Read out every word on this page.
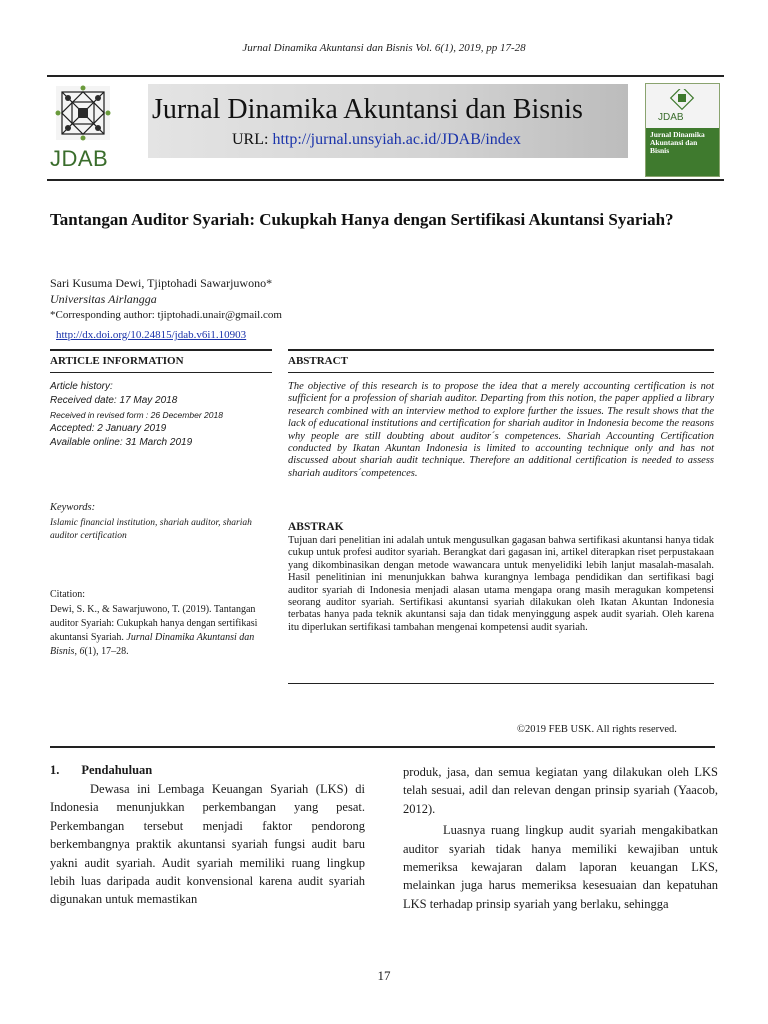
Jurnal Dinamika Akuntansi dan Bisnis Vol. 6(1), 2019, pp 17-28
JDAB
Jurnal Dinamika Akuntansi dan Bisnis
URL: http://jurnal.unsyiah.ac.id/JDAB/index
JDAB
Jurnal Dinamika Akuntansi dan Bisnis
Tantangan Auditor Syariah: Cukupkah Hanya dengan Sertifikasi Akuntansi Syariah?
Sari Kusuma Dewi, Tjiptohadi Sawarjuwono*
Universitas Airlangga
*Corresponding author: tjiptohadi.unair@gmail.com
http://dx.doi.org/10.24815/jdab.v6i1.10903
ARTICLE INFORMATION	ABSTRACT
Article history:
Received date: 17 May 2018
Received in revised form : 26 December 2018
Accepted: 2 January 2019
Available online: 31 March 2019
Keywords:
Islamic financial institution, shariah auditor, shariah auditor certification
Citation:
Dewi, S. K., & Sawarjuwono, T. (2019). Tantangan auditor Syariah: Cukupkah hanya dengan sertifikasi akuntansi Syariah. Jurnal Dinamika Akuntansi dan Bisnis, 6(1), 17–28.
The objective of this research is to propose the idea that a merely accounting certification is not sufficient for a profession of shariah auditor. Departing from this notion, the paper applied a library research combined with an interview method to explore further the issues. The result shows that the lack of educational institutions and certification for shariah auditor in Indonesia become the reasons why people are still doubting about auditor´s competences. Shariah Accounting Certification conducted by Ikatan Akuntan Indonesia is limited to accounting technique only and has not discussed about shariah audit technique. Therefore an additional certification is needed to assess shariah auditors´competences.
ABSTRAK
Tujuan dari penelitian ini adalah untuk mengusulkan gagasan bahwa sertifikasi akuntansi hanya tidak cukup untuk profesi auditor syariah. Berangkat dari gagasan ini, artikel diterapkan riset perpustakaan yang dikombinasikan dengan metode wawancara untuk menyelidiki lebih lanjut masalah-masalah. Hasil penelitinian ini menunjukkan bahwa kurangnya lembaga pendidikan dan sertifikasi bagi auditor syariah di Indonesia menjadi alasan utama mengapa orang masih meragukan kompetensi seorang auditor syariah. Sertifikasi akuntansi syariah dilakukan oleh Ikatan Akuntan Indonesia terbatas hanya pada teknik akuntansi saja dan tidak menyinggung aspek audit syariah. Oleh karena itu diperlukan sertifikasi tambahan mengenai kompetensi audit syariah.
©2019 FEB USK. All rights reserved.
1. Pendahuluan

Dewasa ini Lembaga Keuangan Syariah (LKS) di Indonesia menunjukkan perkembangan yang pesat. Perkembangan tersebut menjadi faktor pendorong berkembangnya praktik akuntansi syariah fungsi audit baru yakni audit syariah. Audit syariah memiliki ruang lingkup lebih luas daripada audit konvensional karena audit syariah digunakan untuk memastikan

produk, jasa, dan semua kegiatan yang dilakukan oleh LKS telah sesuai, adil dan relevan dengan prinsip syariah (Yaacob, 2012).

Luasnya ruang lingkup audit syariah mengakibatkan auditor syariah tidak hanya memiliki kewajiban untuk memeriksa kewajaran dalam laporan keuangan LKS, melainkan juga harus memeriksa kesesuaian dan kepatuhan LKS terhadap prinsip syariah yang berlaku, sehingga

17
